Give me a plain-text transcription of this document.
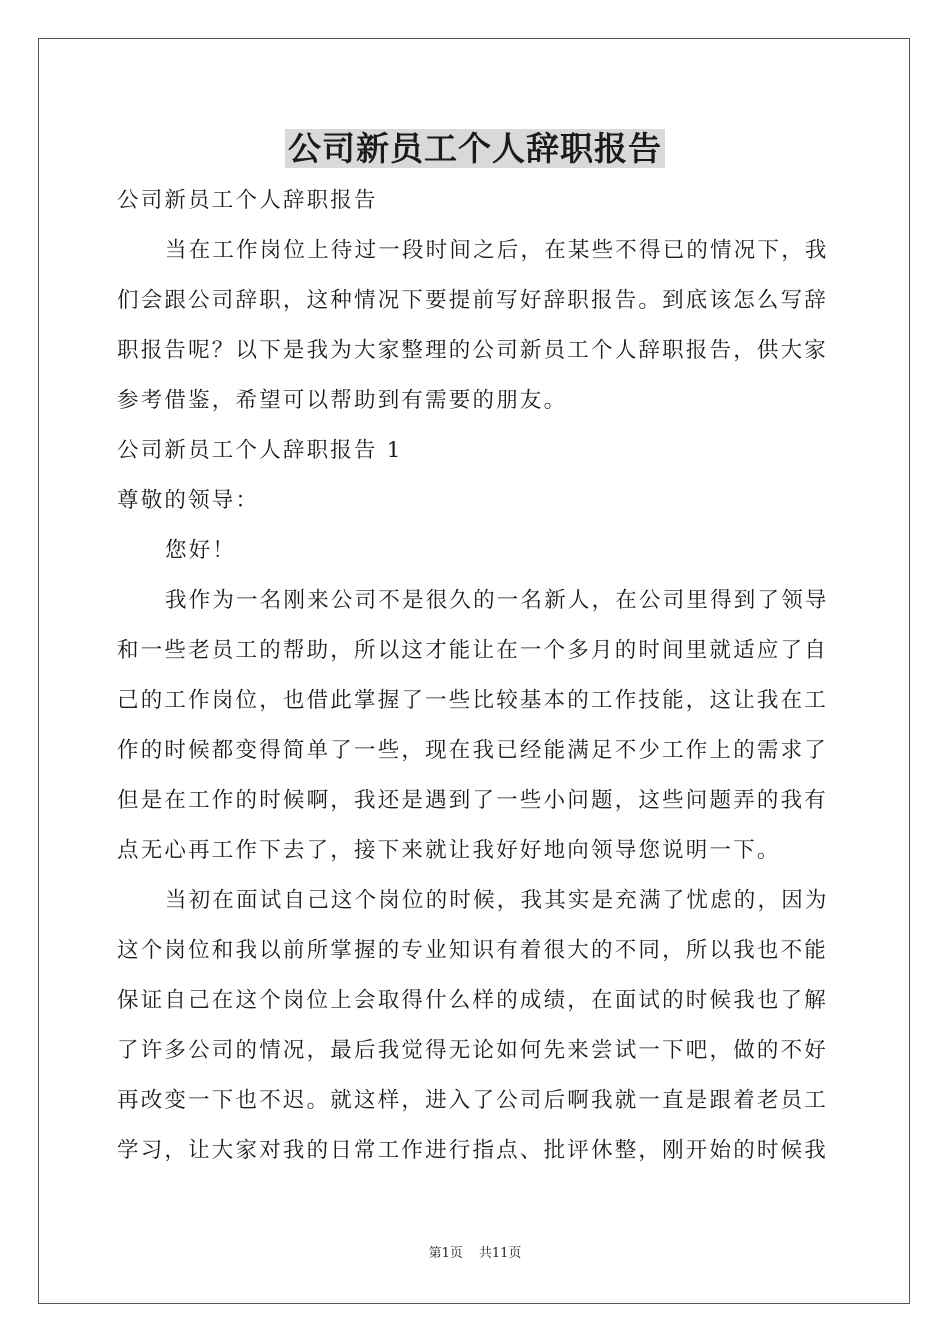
公司新员工个人辞职报告
公司新员工个人辞职报告
当在工作岗位上待过一段时间之后，在某些不得已的情况下，我
们会跟公司辞职，这种情况下要提前写好辞职报告。到底该怎么写辞
职报告呢？以下是我为大家整理的公司新员工个人辞职报告，供大家
参考借鉴，希望可以帮助到有需要的朋友。
公司新员工个人辞职报告 1
尊敬的领导：
您好！
我作为一名刚来公司不是很久的一名新人，在公司里得到了领导
和一些老员工的帮助，所以这才能让在一个多月的时间里就适应了自
己的工作岗位，也借此掌握了一些比较基本的工作技能，这让我在工
作的时候都变得简单了一些，现在我已经能满足不少工作上的需求了
但是在工作的时候啊，我还是遇到了一些小问题，这些问题弄的我有
点无心再工作下去了，接下来就让我好好地向领导您说明一下。
当初在面试自己这个岗位的时候，我其实是充满了忧虑的，因为
这个岗位和我以前所掌握的专业知识有着很大的不同，所以我也不能
保证自己在这个岗位上会取得什么样的成绩，在面试的时候我也了解
了许多公司的情况，最后我觉得无论如何先来尝试一下吧，做的不好
再改变一下也不迟。就这样，进入了公司后啊我就一直是跟着老员工
学习，让大家对我的日常工作进行指点、批评休整，刚开始的时候我
第1页 共11页
